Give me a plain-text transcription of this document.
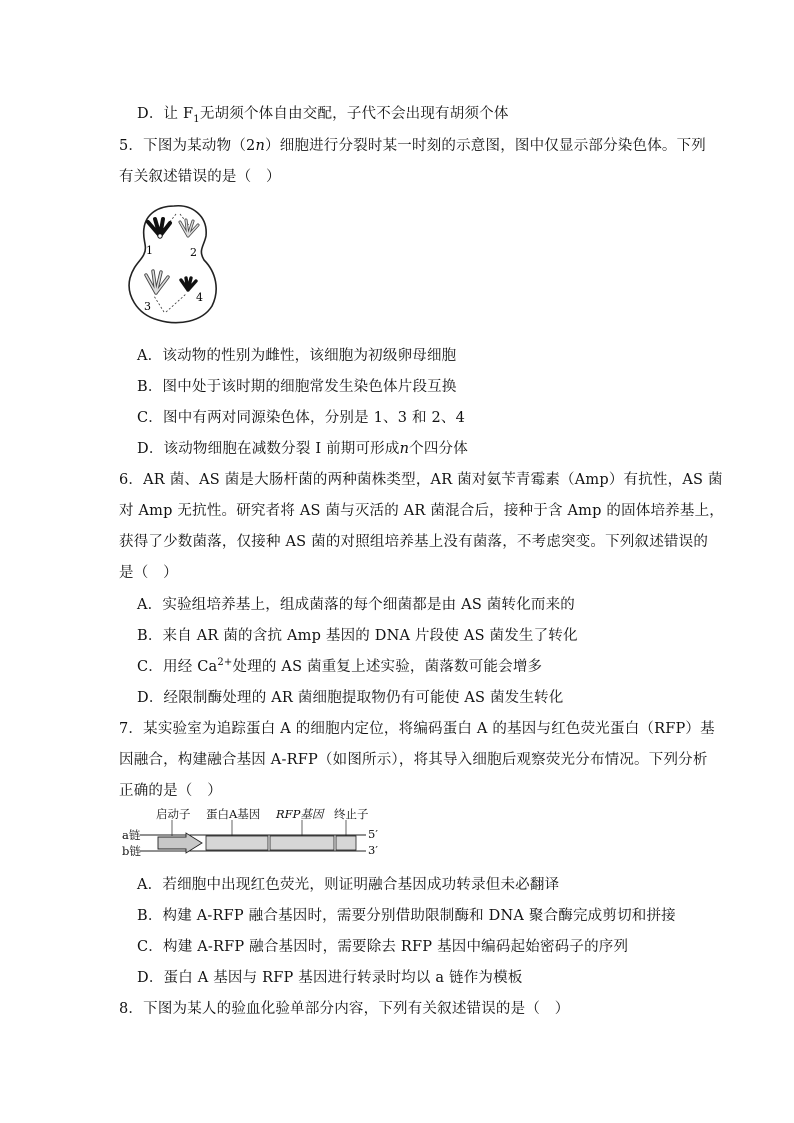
D．让 $F_1$无胡须个体自由交配，子代不会出现有胡须个体
5．下图为某动物（2n）细胞进行分裂时某一时刻的示意图，图中仅显示部分染色体。下列
有关叙述错误的是（　）
1	2
3
4
A．该动物的性别为雌性，该细胞为初级卵母细胞
B．图中处于该时期的细胞常发生染色体片段互换
C．图中有两对同源染色体，分别是 1、3 和 2、4
D．该动物细胞在减数分裂 I 前期可形成n个四分体
6．AR 菌、AS 菌是大肠杆菌的两种菌株类型，AR 菌对氨苄青霉素（Amp）有抗性，AS 菌
对 Amp 无抗性。研究者将 AS 菌与灭活的 AR 菌混合后，接种于含 Amp 的固体培养基上，
获得了少数菌落，仅接种 AS 菌的对照组培养基上没有菌落，不考虑突变。下列叙述错误的
是（　）
A．实验组培养基上，组成菌落的每个细菌都是由 AS 菌转化而来的
B．来自 AR 菌的含抗 Amp 基因的 DNA 片段使 AS 菌发生了转化
C．用经 $Ca^{2+}$处理的 AS 菌重复上述实验，菌落数可能会增多
D．经限制酶处理的 AR 菌细胞提取物仍有可能使 AS 菌发生转化
7．某实验室为追踪蛋白 A 的细胞内定位，将编码蛋白 A 的基因与红色荧光蛋白（RFP）基
因融合，构建融合基因 A-RFP（如图所示），将其导入细胞后观察荧光分布情况。下列分析
正确的是（　）
启动子 蛋白A基因 RFP基因 终止子
a链
b链
5′
3′
A．若细胞中出现红色荧光，则证明融合基因成功转录但未必翻译
B．构建 A-RFP 融合基因时，需要分别借助限制酶和 DNA 聚合酶完成剪切和拼接
C．构建 A-RFP 融合基因时，需要除去 RFP 基因中编码起始密码子的序列
D．蛋白 A 基因与 RFP 基因进行转录时均以 a 链作为模板
8．下图为某人的验血化验单部分内容，下列有关叙述错误的是（　）
